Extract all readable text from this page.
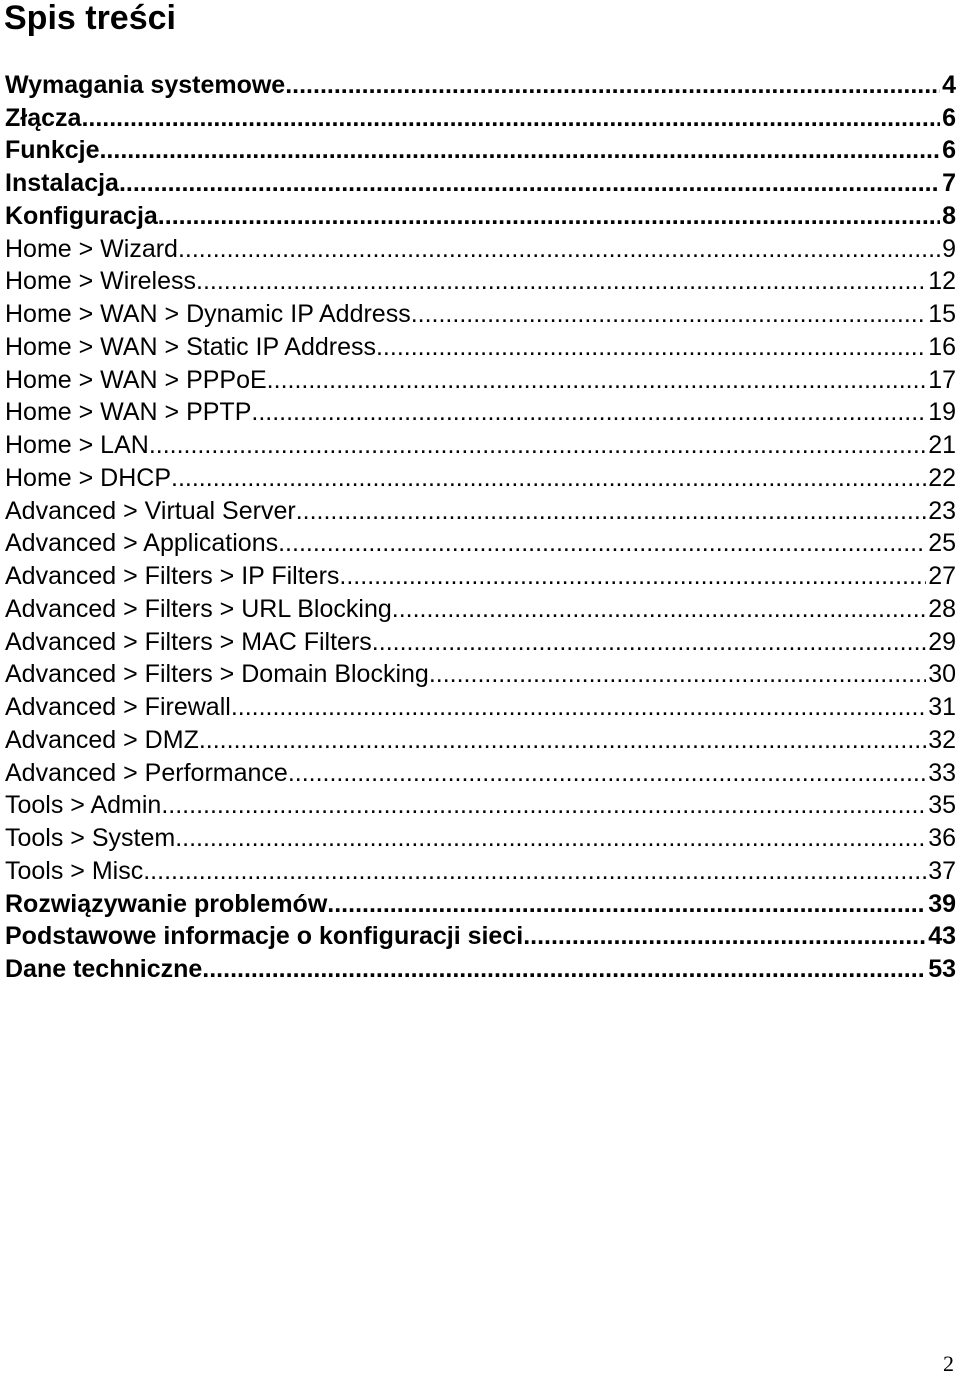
Spis treści
Wymagania systemowe .....	4
Złącza .....	6
Funkcje .....	6
Instalacja .....	7
Konfiguracja .....	8
Home > Wizard .....	9
Home > Wireless .....	12
Home > WAN > Dynamic IP Address .....	15
Home > WAN > Static IP Address .....	16
Home > WAN > PPPoE .....	17
Home > WAN > PPTP .....	19
Home > LAN .....	21
Home > DHCP .....	22
Advanced > Virtual Server .....	23
Advanced > Applications .....	25
Advanced > Filters > IP Filters .....	27
Advanced > Filters > URL Blocking .....	28
Advanced > Filters > MAC Filters .....	29
Advanced > Filters > Domain Blocking .....	30
Advanced > Firewall .....	31
Advanced > DMZ .....	32
Advanced > Performance .....	33
Tools > Admin .....	35
Tools > System .....	36
Tools > Misc .....	37
Rozwiązywanie problemów .....	39
Podstawowe informacje o konfiguracji sieci .....	43
Dane techniczne .....	53
2
